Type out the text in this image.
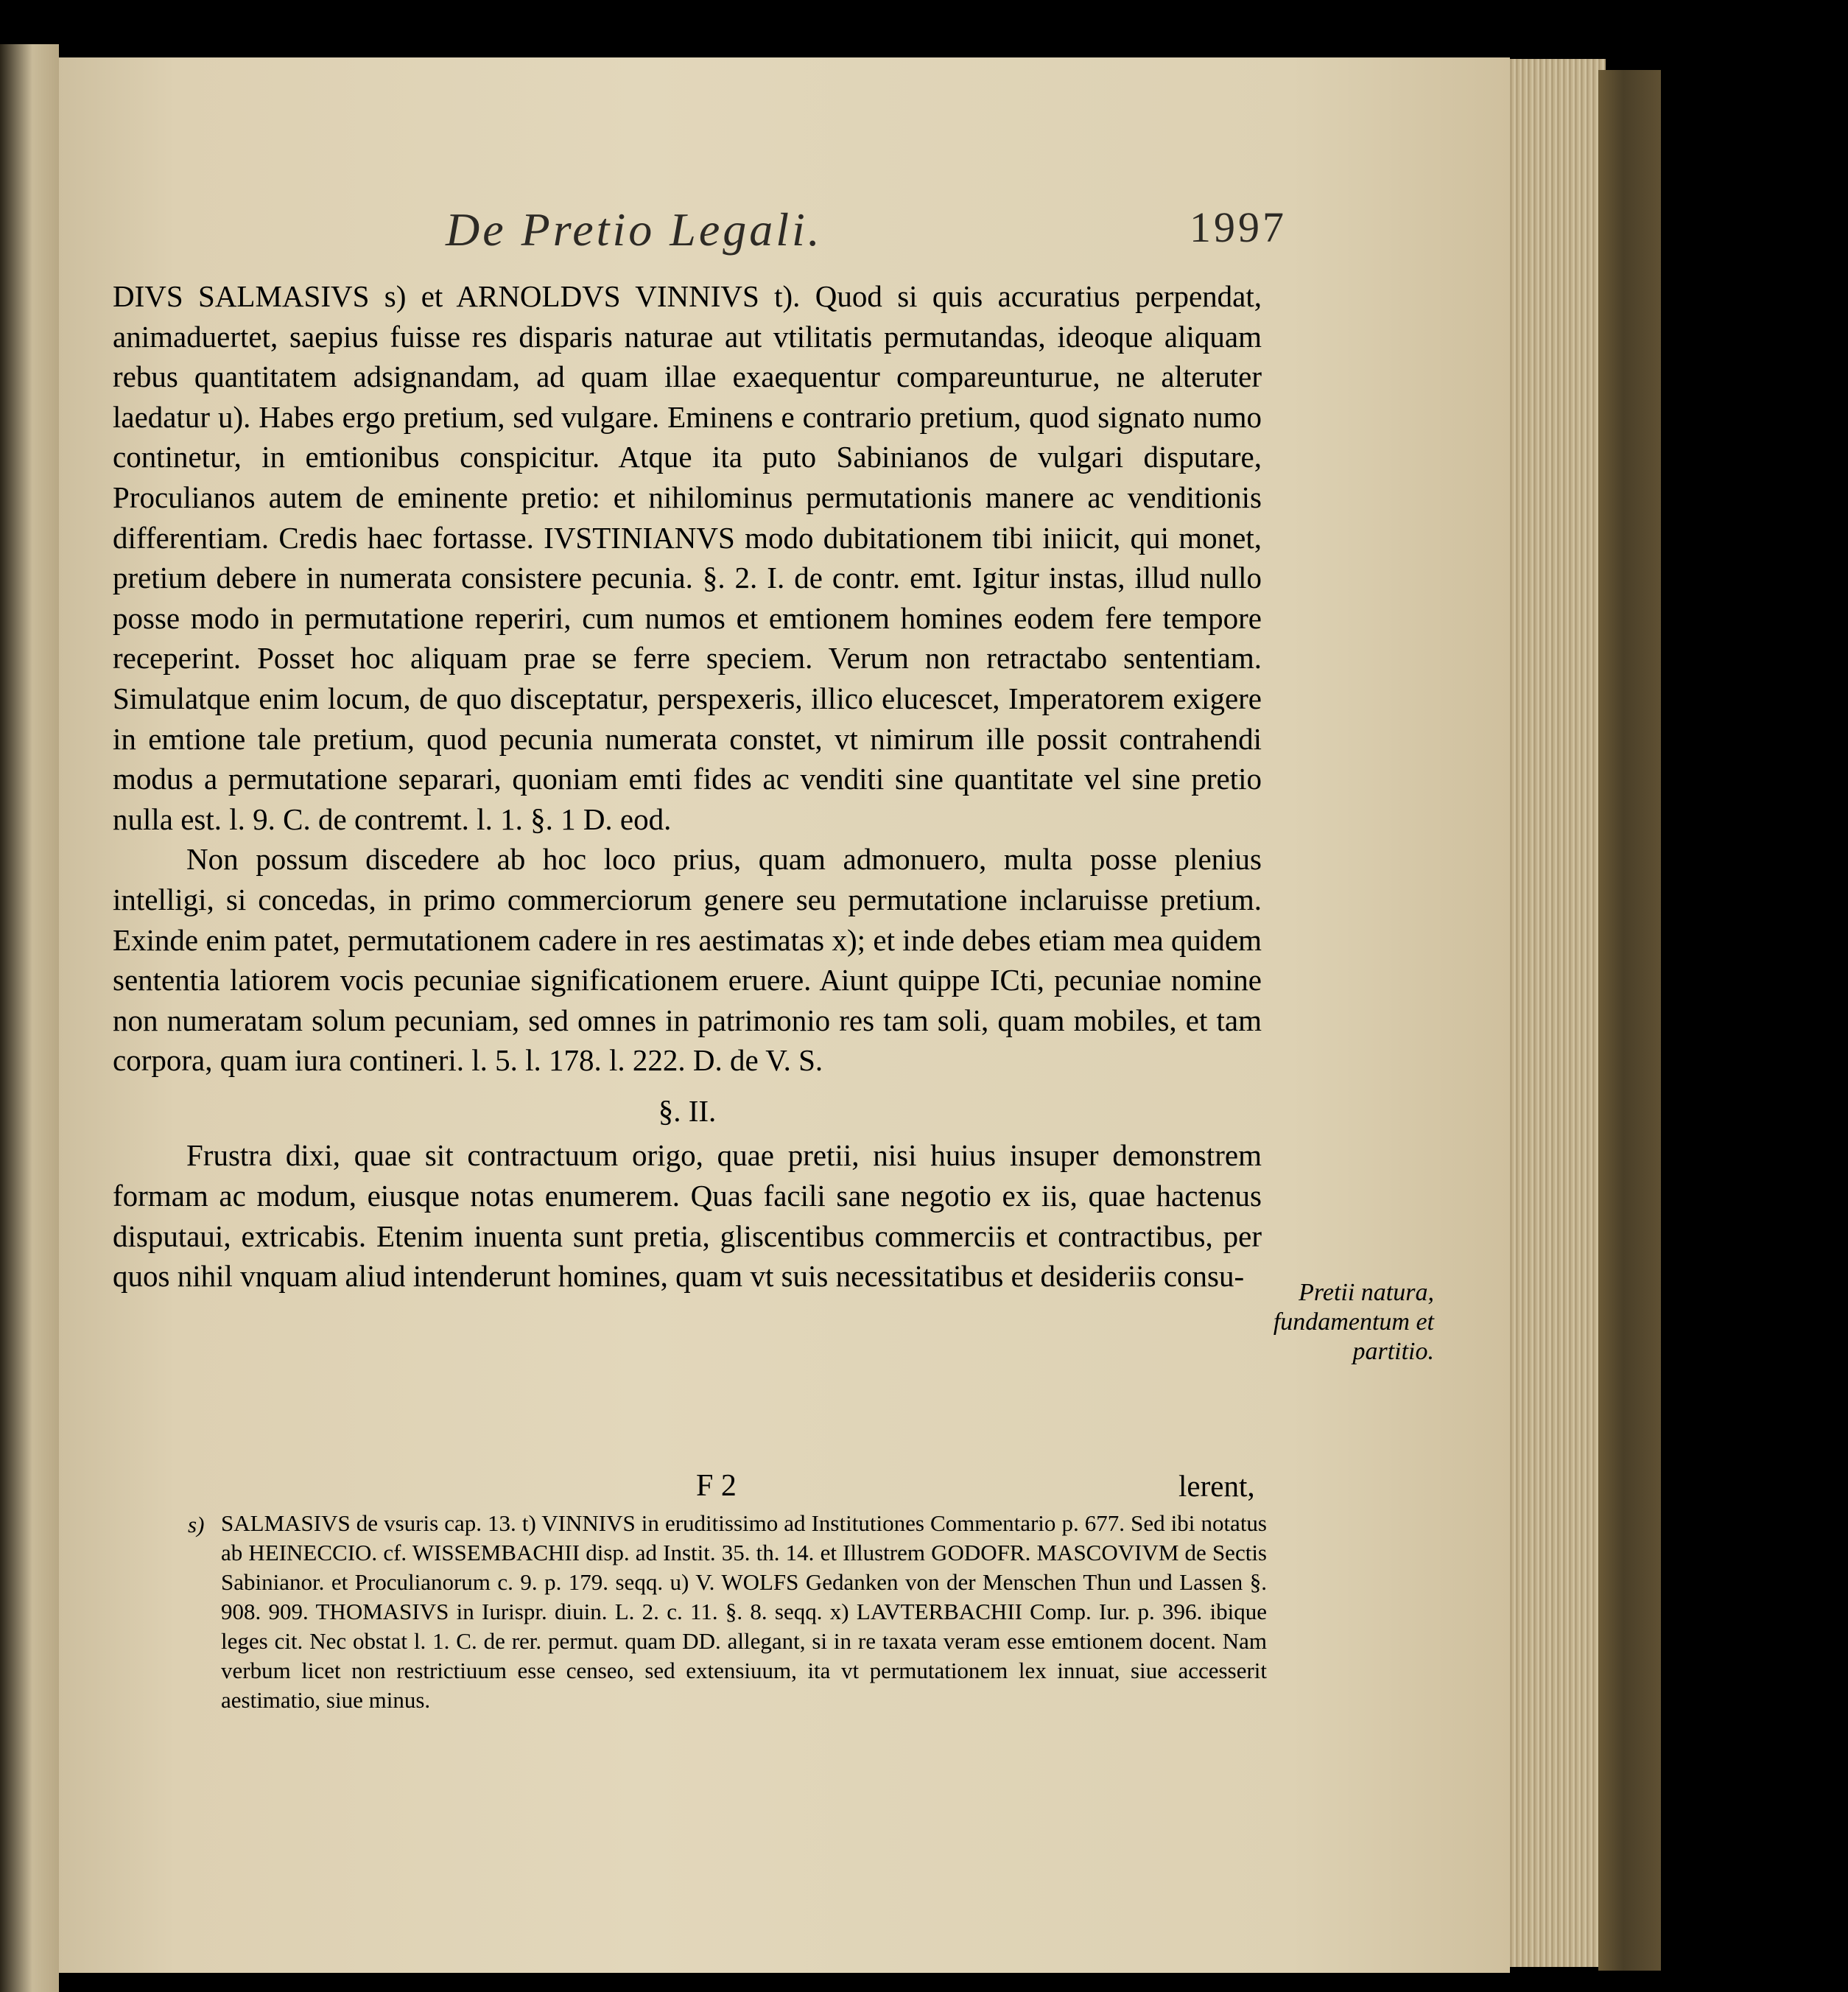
De Pretio Legali.	1997

DIVS SALMASIVS s) et ARNOLDVS VINNIVS t). Quod si quis accuratius perpendat, animaduertet, saepius fuisse res disparis naturae aut vtilitatis permutandas, ideoque aliquam rebus quantitatem adsignandam, ad quam illae exaequentur compareunturue, ne alteruter laedatur u). Habes ergo pretium, sed vulgare. Eminens e contrario pretium, quod signato numo continetur, in emtionibus conspicitur. Atque ita puto Sabinianos de vulgari disputare, Proculianos autem de eminente pretio: et nihilominus permutationis manere ac venditionis differentiam. Credis haec fortasse. IVSTINIANVS modo dubitationem tibi iniicit, qui monet, pretium debere in numerata consistere pecunia. §. 2. I. de contr. emt. Igitur instas, illud nullo posse modo in permutatione reperiri, cum numos et emtionem homines eodem fere tempore receperint. Posset hoc aliquam prae se ferre speciem. Verum non retractabo sententiam. Simulatque enim locum, de quo disceptatur, perspexeris, illico elucescet, Imperatorem exigere in emtione tale pretium, quod pecunia numerata constet, vt nimirum ille possit contrahendi modus a permutatione separari, quoniam emti fides ac venditi sine quantitate vel sine pretio nulla est. l. 9. C. de contremt. l. 1. §. 1 D. eod.

Non possum discedere ab hoc loco prius, quam admonuero, multa posse plenius intelligi, si concedas, in primo commerciorum genere seu permutatione inclaruisse pretium. Exinde enim patet, permutationem cadere in res aestimatas x); et inde debes etiam mea quidem sententia latiorem vocis pecuniae significationem eruere. Aiunt quippe ICti, pecuniae nomine non numeratam solum pecuniam, sed omnes in patrimonio res tam soli, quam mobiles, et tam corpora, quam iura contineri. l. 5. l. 178. l. 222. D. de V. S.

§. II.

Frustra dixi, quae sit contractuum origo, quae pretii, nisi huius insuper demonstrem formam ac modum, eiusque notas enumerem. Quas facili sane negotio ex iis, quae hactenus disputaui, extricabis. Etenim inuenta sunt pretia, gliscentibus commerciis et contractibus, per quos nihil vnquam aliud intenderunt homines, quam vt suis necessitatibus et desideriis consu-	Pretii natura, fundamentum et partitio.
F 2	lerent,
s) SALMASIVS de vsuris cap. 13. t) VINNIVS in eruditissimo ad Institutiones Commentario p. 677. Sed ibi notatus ab HEINECCIO. cf. WISSEMBACHII disp. ad Instit. 35. th. 14. et Illustrem GODOFR. MASCOVIVM de Sectis Sabinianor. et Proculianorum c. 9. p. 179. seqq. u) V. WOLFS Gedanken von der Menschen Thun und Lassen §. 908. 909. THOMASIVS in Iurispr. diuin. L. 2. c. 11. §. 8. seqq. x) LAVTERBACHII Comp. Iur. p. 396. ibique leges cit. Nec obstat l. 1. C. de rer. permut. quam DD. allegant, si in re taxata veram esse emtionem docent. Nam verbum licet non restrictiuum esse censeo, sed extensiuum, ita vt permutationem lex innuat, siue accesserit aestimatio, siue minus.
